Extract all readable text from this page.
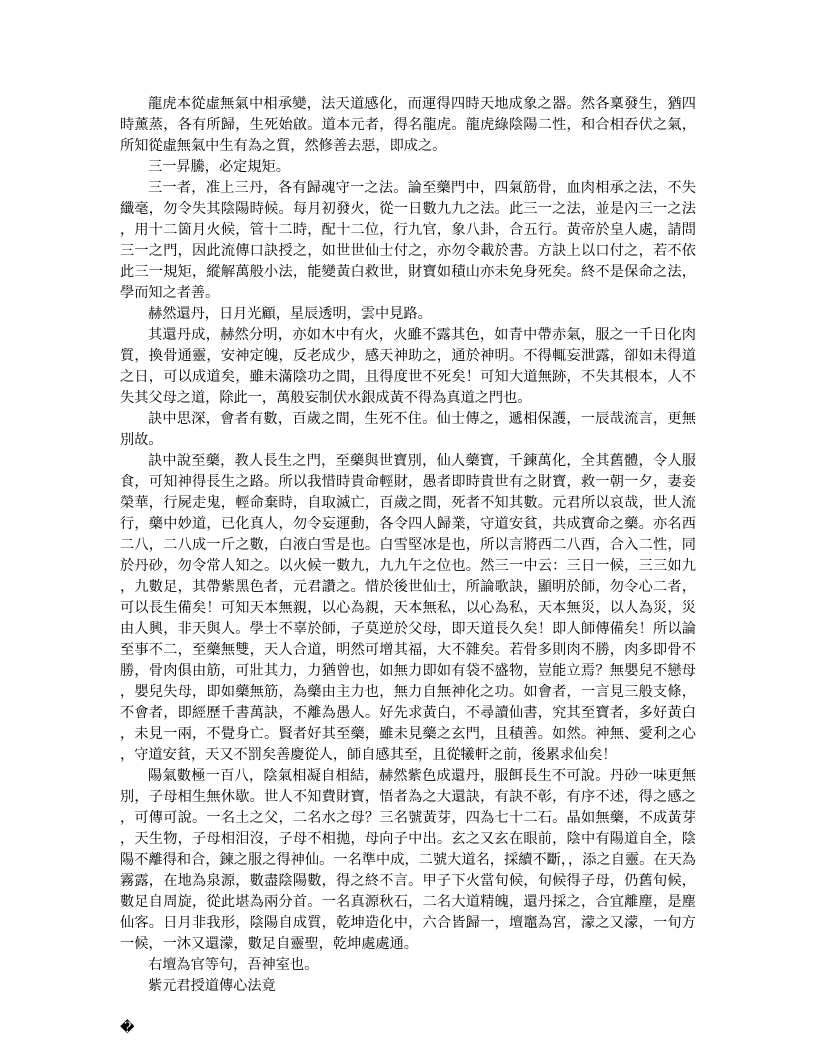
龍虎本從虛無氣中相承變，法天道感化，而運得四時天地成象之器。然各稟發生，猶四時薰蒸，各有所歸，生死始啟。道本元者，得名龍虎。龍虎綠陰陽二性，和合相吞伏之氣，所知從虛無氣中生有為之質，然修善去惡，即成之。

三一昇騰，必定規矩。

三一者，准上三丹，各有歸魂守一之法。論至藥門中，四氣筋骨，血肉相承之法，不失纖毫，勿令失其陰陽時候。每月初發火，從一日數九九之法。此三一之法，並是內三一之法，用十二箇月火候，管十二時，配十二位，行九官，象八卦，合五行。黃帝於皇人處，請問三一之門，因此流傳口訣授之，如世世仙士付之，亦勿令載於書。方訣上以口付之，若不依此三一規矩，縱解萬般小法，能變黃白救世，財寶如積山亦未免身死矣。終不是保命之法，學而知之者善。

赫然還丹，日月光顧，星辰透明，雲中見路。

其還丹成，赫然分明，亦如木中有火，火雖不露其色，如青中帶赤氣，服之一千日化肉質，換骨通靈，安神定魄，反老成少，感天神助之，通於神明。不得輒妄泄露，卻如未得道之日，可以成道矣，雖未滿陰功之間，且得度世不死矣！可知大道無跡，不失其根本，人不失其父母之道，除此一，萬般妄制伏水銀成黃不得為真道之門也。

訣中思深，會者有數，百歲之間，生死不住。仙士傳之，遞相保護，一辰哉流言，更無別故。

訣中說至藥，教人長生之門，至藥與世寶別，仙人藥寶，千鍊萬化，全其舊體，令人服食，可知神得長生之路。所以我惜時貴命輕財，愚者即時貴世有之財寶，救一朝一夕，妻妾榮華，行屍走鬼，輕命棄時，自取滅亡，百歲之間，死者不知其數。元君所以哀哉，世人流行，藥中妙道，已化真人，勿令妄運動，各令四人歸業，守道安貧，共成寶命之藥。亦名西二八，二八成一斤之數，白液白雪是也。白雪堅冰是也，所以言將西二八酉，合入二性，同於丹砂，勿令常人知之。以火候一數九，九九午之位也。然三一中云：三日一候，三三如九，九數足，其帶紫黑色者，元君讚之。惜於後世仙士，所論歌訣，顯明於師，勿令心二者，可以長生備矣！可知天本無親，以心為親，天本無私，以心為私，天本無災，以人為災，災由人興，非天與人。學士不辜於師，子莫逆於父母，即天道長久矣！即人師傳備矣！所以論至事不二，至藥無雙，天人合道，明然可增其福，大不雜矣。若骨多則肉不勝，肉多即骨不勝，骨肉俱由筋，可壯其力，力猶曾也，如無力即如有袋不盛物，豈能立焉？無嬰兒不戀母，嬰兒失母，即如藥無筋，為藥由主力也，無力自無神化之功。如會者，一言見三般支條，不會者，即經歷千書萬訣，不離為愚人。好先求黃白，不尋讀仙書，究其至寶者，多好黃白，未見一兩，不覺身亡。賢者好其至藥，雖未見藥之玄門，且積善。如然。神無、愛利之心，守道安貧，天又不罰矣善慶從人，師自感其至，且從犧軒之前，後累求仙矣！

陽氣數極一百八，陰氣相凝自相結，赫然紫色成還丹，服餌長生不可說。丹砂一味更無別，子母相生無休歇。世人不知費財寶，悟者為之大還訣，有訣不彰，有序不述，得之感之，可傳可說。一名土之父，二名水之母？三名號黃芽，四為七十二石。晶如無藥，不成黃芽，天生物，子母相泪沒，子母不相拋，母向子中出。玄之又玄在眼前，陰中有陽道自全，陰陽不離得和合，鍊之服之得神仙。一名準中成，二號大道名，採續不斷，，添之自靈。在天為霧露，在地為泉源，數盡陰陽數，得之終不言。甲子下火當旬候，旬候得子母，仍舊旬候，數足自周旋，從此堪為兩分首。一名真源秋石，二名大道精魄，還丹採之，合宜離塵，是塵仙客。日月非我形，陰陽自成質，乾坤造化中，六合皆歸一，壇竈為宮，濛之又濛，一旬方一候，一沐又還濛，數足自靈聖，乾坤處處通。

右壇為官等句，吾神室也。

紫元君授道傳心法竟

�
